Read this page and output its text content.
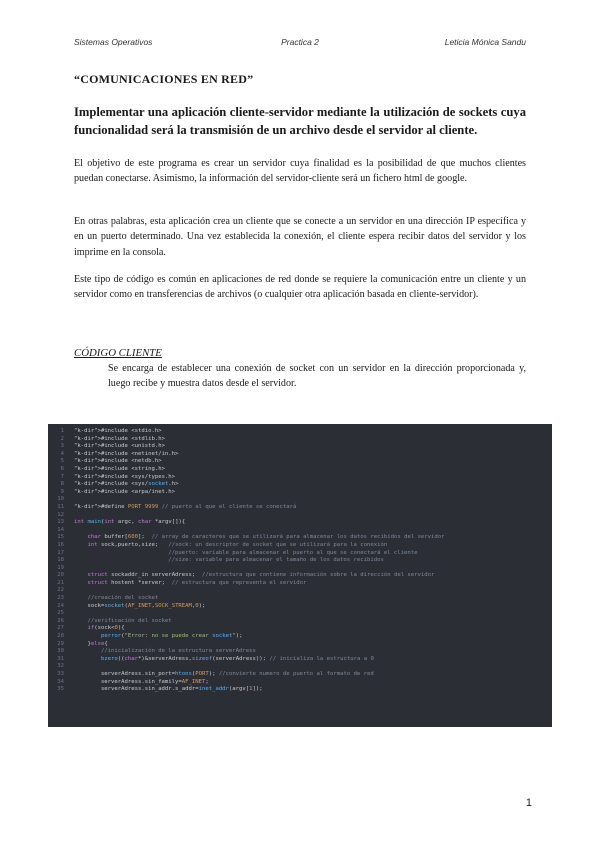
Sistemas Operativos	Practica 2	Leticia Mónica Sandu
“COMUNICACIONES EN RED”
Implementar una aplicación cliente-servidor mediante la utilización de sockets cuya funcionalidad será la transmisión de un archivo desde el servidor al cliente.

El objetivo de este programa es crear un servidor cuya finalidad es la posibilidad de que muchos clientes puedan conectarse. Asimismo, la información del servidor-cliente será un fichero html de google.

En otras palabras, esta aplicación crea un cliente que se conecte a un servidor en una dirección IP específica y en un puerto determinado. Una vez establecida la conexión, el cliente espera recibir datos del servidor y los imprime en la consola.

Este tipo de código es común en aplicaciones de red donde se requiere la comunicación entre un cliente y un servidor como en transferencias de archivos (o cualquier otra aplicación basada en cliente-servidor).

CÓDIGO CLIENTE

Se encarga de establecer una conexión de socket con un servidor en la dirección proporcionada y, luego recibe y muestra datos desde el servidor.

1 "k-dir">#include <stdio.h>
2 "k-dir">#include <stdlib.h>
3 "k-dir">#include <unistd.h>
4 "k-dir">#include <netinet/in.h>
5 "k-dir">#include <netdb.h>
6 "k-dir">#include <string.h>
7 "k-dir">#include <sys/types.h>
8 "k-dir">#include <sys/socket.h>
9 "k-dir">#include <arpa/inet.h>
10
11 "k-dir">#define PORT 9999 // puerto al que el cliente se conectará
12
13 int main(int argc, char *argv[]){
14
15	char buffer[600];  // array de caracteres que se utilizará para almacenar los datos recibidos del servidor
16	int sock,puerto,size;   //sock: un descriptor de socket que se utilizará para la conexión
17	//puerto: variable para almacenar el puerto al que se conectará el cliente
18	//size: variable para almacenar el tamaño de los datos recibidos
19
20	struct sockaddr_in serverAdress;  //estructura que contiene información sobre la dirección del servidor
21	struct hostent *server;  // estructura que representa el servidor
22
23	//creación del socket
24 sock=socket(AF_INET,SOCK_STREAM,0);
25
26	//verificación del socket
27	if(sock<0){
28	perror("Error: no se puede crear socket");
29 }else{
30	//inicialización de la estructura serverAdress
31	bzero((char*)&serverAdress,sizeof(serverAdress)); // inicializa la estructura a 0
32
33 serverAdress.sin_port=htons(PORT); //convierte numero de puerto al formato de red
34 serverAdress.sin_family=AF_INET;
35 serverAdress.sin_addr.s_addr=inet_addr(argv[1]);
1
